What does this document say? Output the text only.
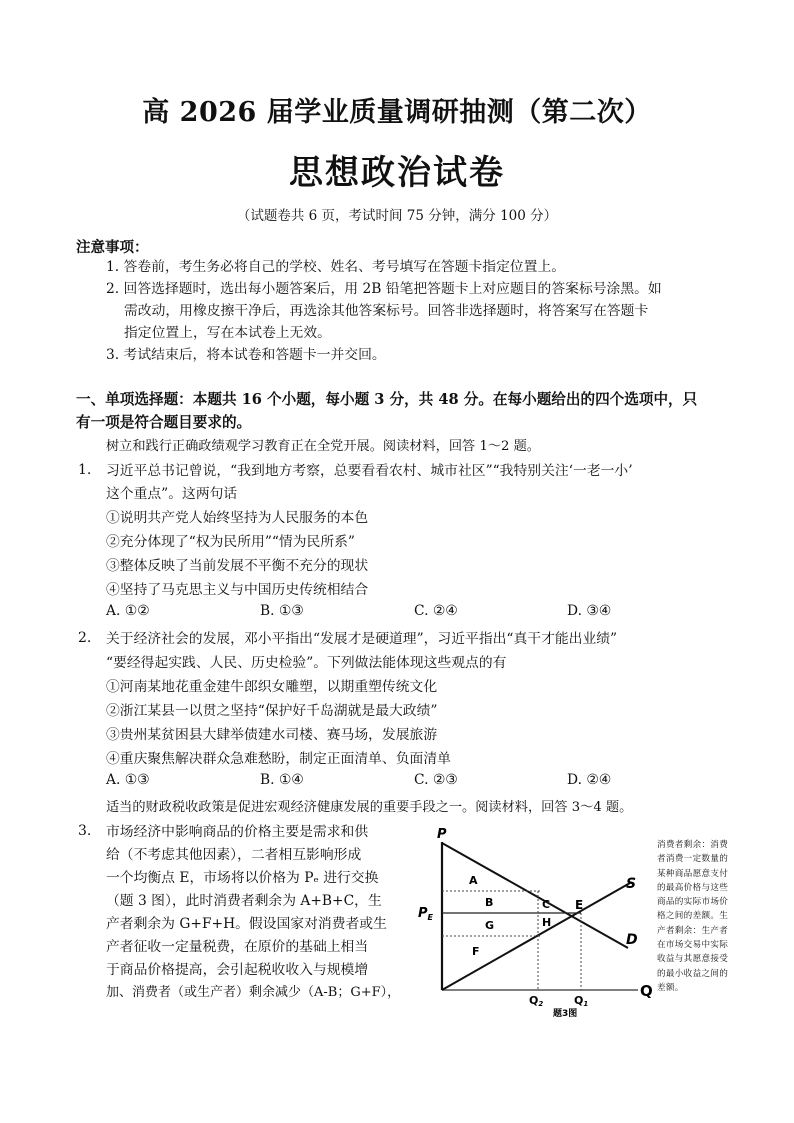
高 2026 届学业质量调研抽测（第二次）
思想政治试卷
（试题卷共 6 页，考试时间 75 分钟，满分 100 分）
注意事项：
1. 答卷前，考生务必将自己的学校、姓名、考号填写在答题卡指定位置上。
2. 回答选择题时，选出每小题答案后，用 2B 铅笔把答题卡上对应题目的答案标号涂黑。如
需改动，用橡皮擦干净后，再选涂其他答案标号。回答非选择题时，将答案写在答题卡
指定位置上，写在本试卷上无效。
3. 考试结束后，将本试卷和答题卡一并交回。
一、单项选择题：本题共 16 个小题，每小题 3 分，共 48 分。在每小题给出的四个选项中，只
有一项是符合题目要求的。
树立和践行正确政绩观学习教育正在全党开展。阅读材料，回答 1～2 题。
1. 习近平总书记曾说，“我到地方考察，总要看看农村、城市社区”“我特别关注‘一老一小’
这个重点”。这两句话
①说明共产党人始终坚持为人民服务的本色
②充分体现了“权为民所用”“情为民所系”
③整体反映了当前发展不平衡不充分的现状
④坚持了马克思主义与中国历史传统相结合
A. ①②	B. ①③	C. ②④	D. ③④
2. 关于经济社会的发展，邓小平指出“发展才是硬道理”，习近平指出“真干才能出业绩”
“要经得起实践、人民、历史检验”。下列做法能体现这些观点的有
①河南某地花重金建牛郎织女雕塑，以期重塑传统文化
②浙江某县一以贯之坚持“保护好千岛湖就是最大政绩”
③贵州某贫困县大肆举债建水司楼、赛马场，发展旅游
④重庆聚焦解决群众急难愁盼，制定正面清单、负面清单
A. ①③	B. ①④	C. ②③	D. ②④
适当的财政税收政策是促进宏观经济健康发展的重要手段之一。阅读材料，回答 3～4 题。
3. 市场经济中影响商品的价格主要是需求和供
给（不考虑其他因素），二者相互影响形成
一个均衡点 E，市场将以价格为 Pₑ 进行交换
（题 3 图），此时消费者剩余为 A+B+C，生
产者剩余为 G+F+H。假设国家对消费者或生
产者征收一定量税费，在原价的基础上相当
于商品价格提高，会引起税收收入与规模增
加、消费者（或生产者）剩余减少（A-B；G+F），
P
Q
$P_E$
S
D
E
A
B	C
G	H
F
Q2	Q1
题3图
消费者剩余：消费者消费一定数量的某种商品愿意支付的最高价格与这些商品的实际市场价格之间的差额。生产者剩余：生产者在市场交易中实际收益与其愿意接受的最小收益之间的差额。
